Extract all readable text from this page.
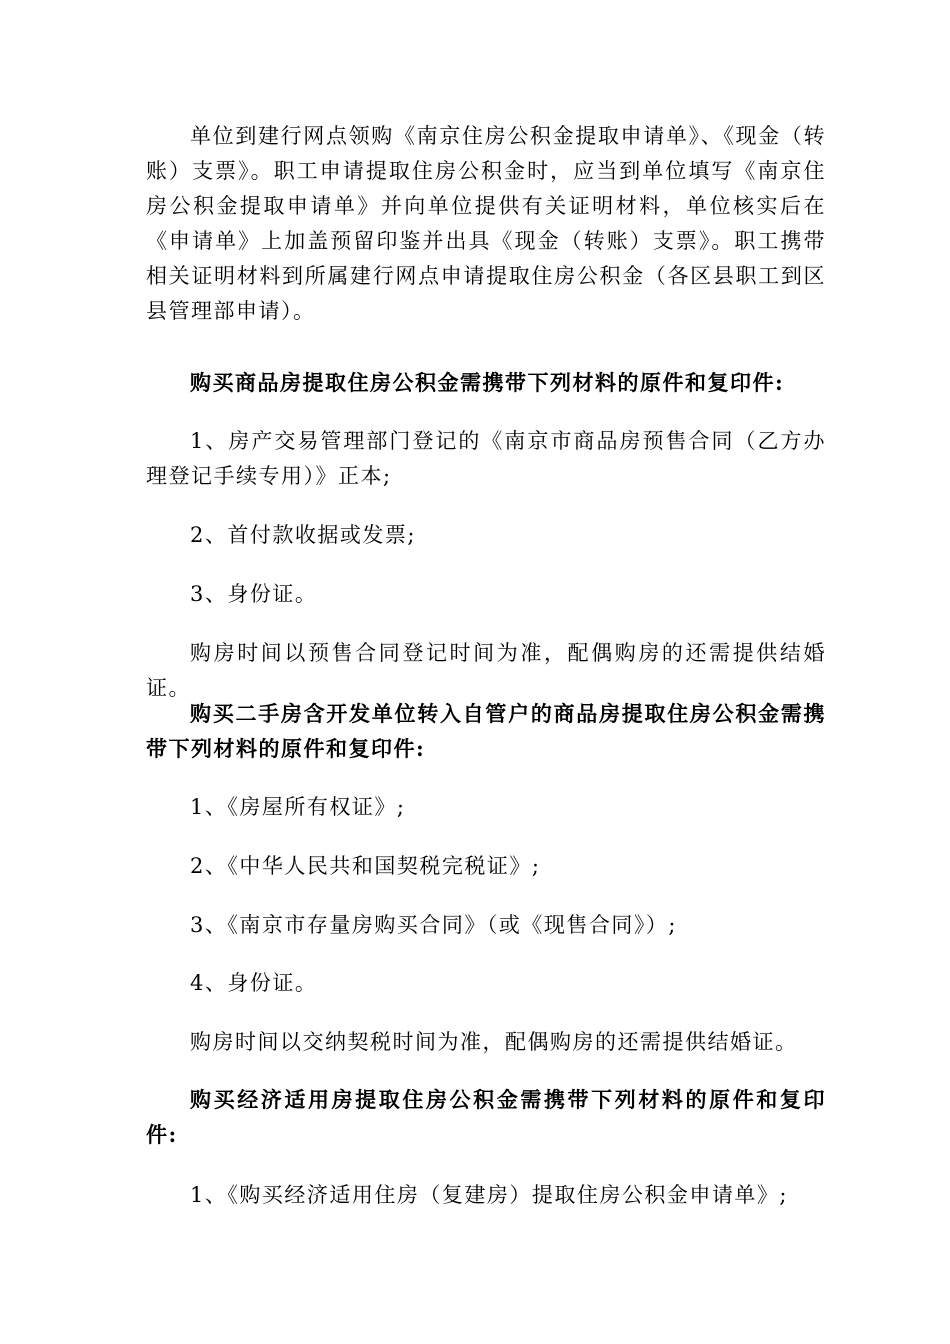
单位到建行网点领购《南京住房公积金提取申请单》、《现金（转账）支票》。职工申请提取住房公积金时，应当到单位填写《南京住房公积金提取申请单》并向单位提供有关证明材料，单位核实后在《申请单》上加盖预留印鉴并出具《现金（转账）支票》。职工携带相关证明材料到所属建行网点申请提取住房公积金（各区县职工到区县管理部申请）。

购买商品房提取住房公积金需携带下列材料的原件和复印件:

1、房产交易管理部门登记的《南京市商品房预售合同（乙方办理登记手续专用）》正本;

2、首付款收据或发票;

3、身份证。

购房时间以预售合同登记时间为准，配偶购房的还需提供结婚证。

购买二手房含开发单位转入自管户的商品房提取住房公积金需携带下列材料的原件和复印件:

1、《房屋所有权证》;

2、《中华人民共和国契税完税证》;

3、《南京市存量房购买合同》（或《现售合同》）;

4、身份证。

购房时间以交纳契税时间为准，配偶购房的还需提供结婚证。

购买经济适用房提取住房公积金需携带下列材料的原件和复印件:

1、《购买经济适用住房（复建房）提取住房公积金申请单》;
